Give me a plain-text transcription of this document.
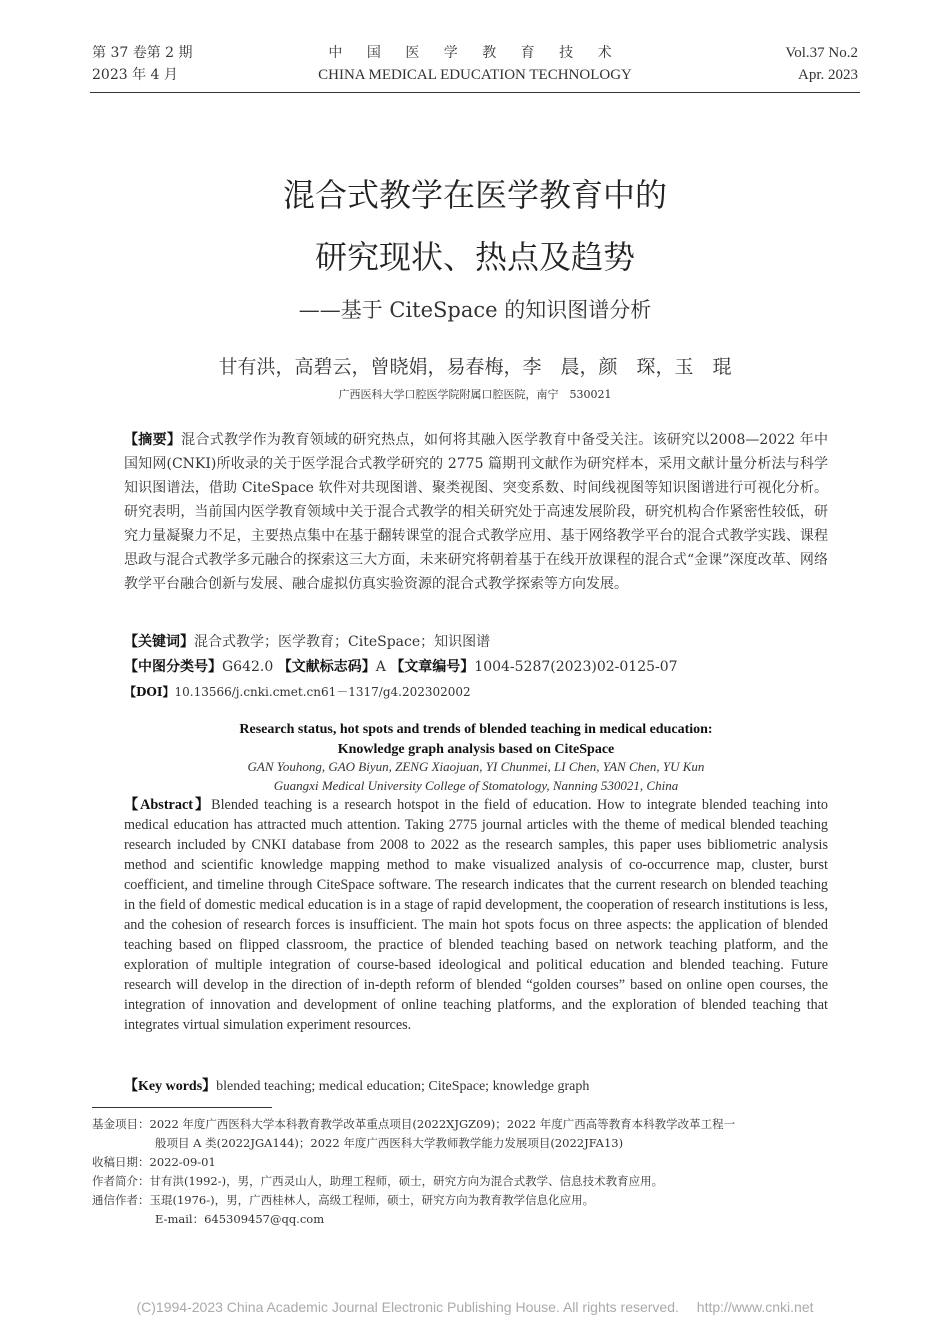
第 37 卷第 2 期
2023 年 4 月
中 国 医 学 教 育 技 术
CHINA MEDICAL EDUCATION TECHNOLOGY
Vol.37 No.2
Apr. 2023
混合式教学在医学教育中的
研究现状、热点及趋势
——基于 CiteSpace 的知识图谱分析
甘有洪，高碧云，曾晓娟，易春梅，李　晨，颜　琛，玉　琨
广西医科大学口腔医学院附属口腔医院，南宁　530021
【摘要】混合式教学作为教育领域的研究热点，如何将其融入医学教育中备受关注。该研究以2008—2022 年中国知网(CNKI)所收录的关于医学混合式教学研究的 2775 篇期刊文献作为研究样本，采用文献计量分析法与科学知识图谱法，借助 CiteSpace 软件对共现图谱、聚类视图、突变系数、时间线视图等知识图谱进行可视化分析。研究表明，当前国内医学教育领域中关于混合式教学的相关研究处于高速发展阶段，研究机构合作紧密性较低，研究力量凝聚力不足，主要热点集中在基于翻转课堂的混合式教学应用、基于网络教学平台的混合式教学实践、课程思政与混合式教学多元融合的探索这三大方面，未来研究将朝着基于在线开放课程的混合式“金课”深度改革、网络教学平台融合创新与发展、融合虚拟仿真实验资源的混合式教学探索等方向发展。
【关键词】混合式教学；医学教育；CiteSpace；知识图谱
【中图分类号】G642.0 【文献标志码】A 【文章编号】1004-5287(2023)02-0125-07
【DOI】10.13566/j.cnki.cmet.cn61－1317/g4.202302002
Research status, hot spots and trends of blended teaching in medical education:
Knowledge graph analysis based on CiteSpace
GAN Youhong, GAO Biyun, ZENG Xiaojuan, YI Chunmei, LI Chen, YAN Chen, YU Kun
Guangxi Medical University College of Stomatology, Nanning 530021, China
【Abstract】Blended teaching is a research hotspot in the field of education. How to integrate blended teaching into medical education has attracted much attention. Taking 2775 journal articles with the theme of medical blended teaching research included by CNKI database from 2008 to 2022 as the research samples, this paper uses bibliometric analysis method and scientific knowledge mapping method to make visualized analysis of co-occurrence map, cluster, burst coefficient, and timeline through CiteSpace software. The research indicates that the current research on blended teaching in the field of domestic medical education is in a stage of rapid development, the cooperation of research institutions is less, and the cohesion of research forces is insufficient. The main hot spots focus on three aspects: the application of blended teaching based on flipped classroom, the practice of blended teaching based on network teaching platform, and the exploration of multiple integration of course-based ideological and political education and blended teaching. Future research will develop in the direction of in-depth reform of blended “golden courses” based on online open courses, the integration of innovation and development of online teaching platforms, and the exploration of blended teaching that integrates virtual simulation experiment resources.
【Key words】blended teaching; medical education; CiteSpace; knowledge graph

基金项目：2022 年度广西医科大学本科教育教学改革重点项目(2022XJGZ09)；2022 年度广西高等教育本科教学改革工程一

般项目 A 类(2022JGA144)；2022 年度广西医科大学教师教学能力发展项目(2022JFA13)

收稿日期：2022-09-01

作者简介：甘有洪(1992-)，男，广西灵山人，助理工程师，硕士，研究方向为混合式教学、信息技术教育应用。

通信作者：玉琨(1976-)，男，广西桂林人，高级工程师，硕士，研究方向为教育教学信息化应用。

E-mail：645309457@qq.com

(C)1994-2023 China Academic Journal Electronic Publishing House. All rights reserved.　 http://www.cnki.net
